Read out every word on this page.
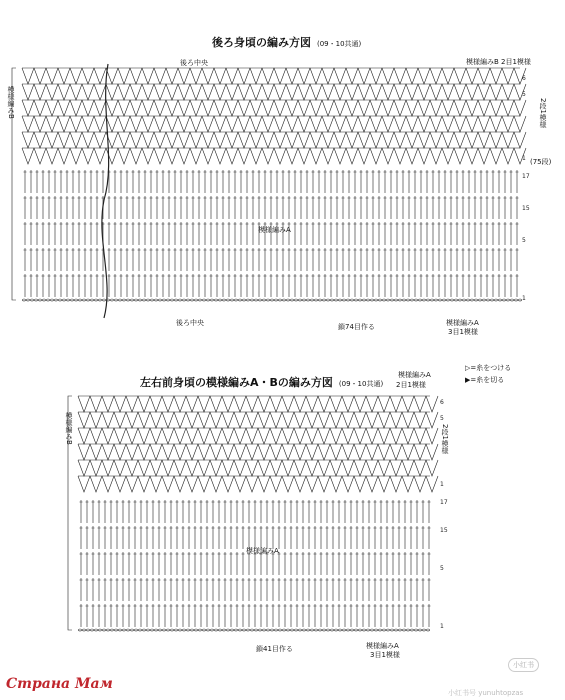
後ろ身頃の編み方図 (09・10共通)
後ろ中央	模様編みB 2目1模様
模様編みB	2段1模様
(75段)
模様編みA
後ろ中央	鎖74目作る	模様編みA
3目1模様
6
5
1
17
15
5
1
左右前身頃の模様編みA・Bの編み方図 (09・10共通)
模様編みA
2目1模様
模様編みB	2段1模様
模様編みA
鎖41目作る	模様編みA
3目1模様
▷=糸をつける
▶=糸を切る
6
5
1
17
15
5
1
Страна Мам
小红书
小红书号 yunuhtopzas
